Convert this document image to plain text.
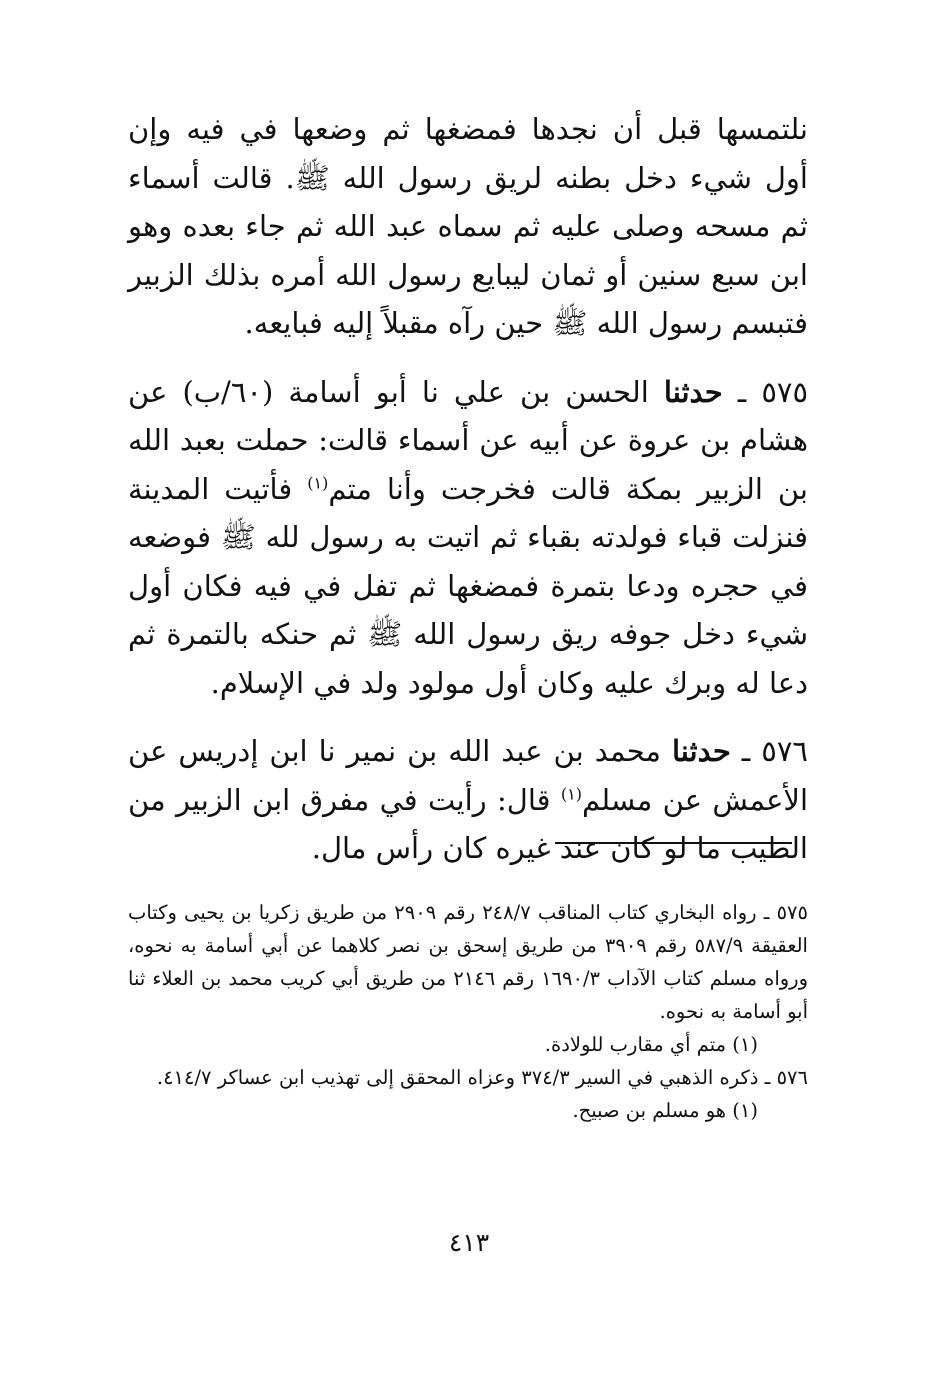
نلتمسها قبل أن نجدها فمضغها ثم وضعها في فيه وإن أول شيء دخل بطنه لريق رسول الله ﷺ. قالت أسماء ثم مسحه وصلى عليه ثم سماه عبد الله ثم جاء بعده وهو ابن سبع سنين أو ثمان ليبايع رسول الله أمره بذلك الزبير فتبسم رسول الله ﷺ حين رآه مقبلاً إليه فبايعه.

٥٧٥ ـ حدثنا الحسن بن علي نا أبو أسامة (٦٠/ب) عن هشام بن عروة عن أبيه عن أسماء قالت: حملت بعبد الله بن الزبير بمكة قالت فخرجت وأنا متم$^{(١)}$ فأتيت المدينة فنزلت قباء فولدته بقباء ثم اتيت به رسول لله ﷺ فوضعه في حجره ودعا بتمرة فمضغها ثم تفل في فيه فكان أول شيء دخل جوفه ريق رسول الله ﷺ ثم حنكه بالتمرة ثم دعا له وبرك عليه وكان أول مولود ولد في الإسلام.

٥٧٦ ـ حدثنا محمد بن عبد الله بن نمير نا ابن إدريس عن الأعمش عن مسلم$^{(١)}$ قال: رأيت في مفرق ابن الزبير من الطيب ما لو كان عند غيره كان رأس مال.

٥٧٥ ـ رواه البخاري كتاب المناقب ٢٤٨/٧ رقم ٢٩٠٩ من طريق زكريا بن يحيى وكتاب العقيقة ٥٨٧/٩ رقم ٣٩٠٩ من طريق إسحق بن نصر كلاهما عن أبي أسامة به نحوه، ورواه مسلم كتاب الآداب ١٦٩٠/٣ رقم ٢١٤٦ من طريق أبي كريب محمد بن العلاء ثنا أبو أسامة به نحوه.

(١) متم أي مقارب للولادة.

٥٧٦ ـ ذكره الذهبي في السير ٣٧٤/٣ وعزاه المحقق إلى تهذيب ابن عساكر ٤١٤/٧.

(١) هو مسلم بن صبيح.

٤١٣
